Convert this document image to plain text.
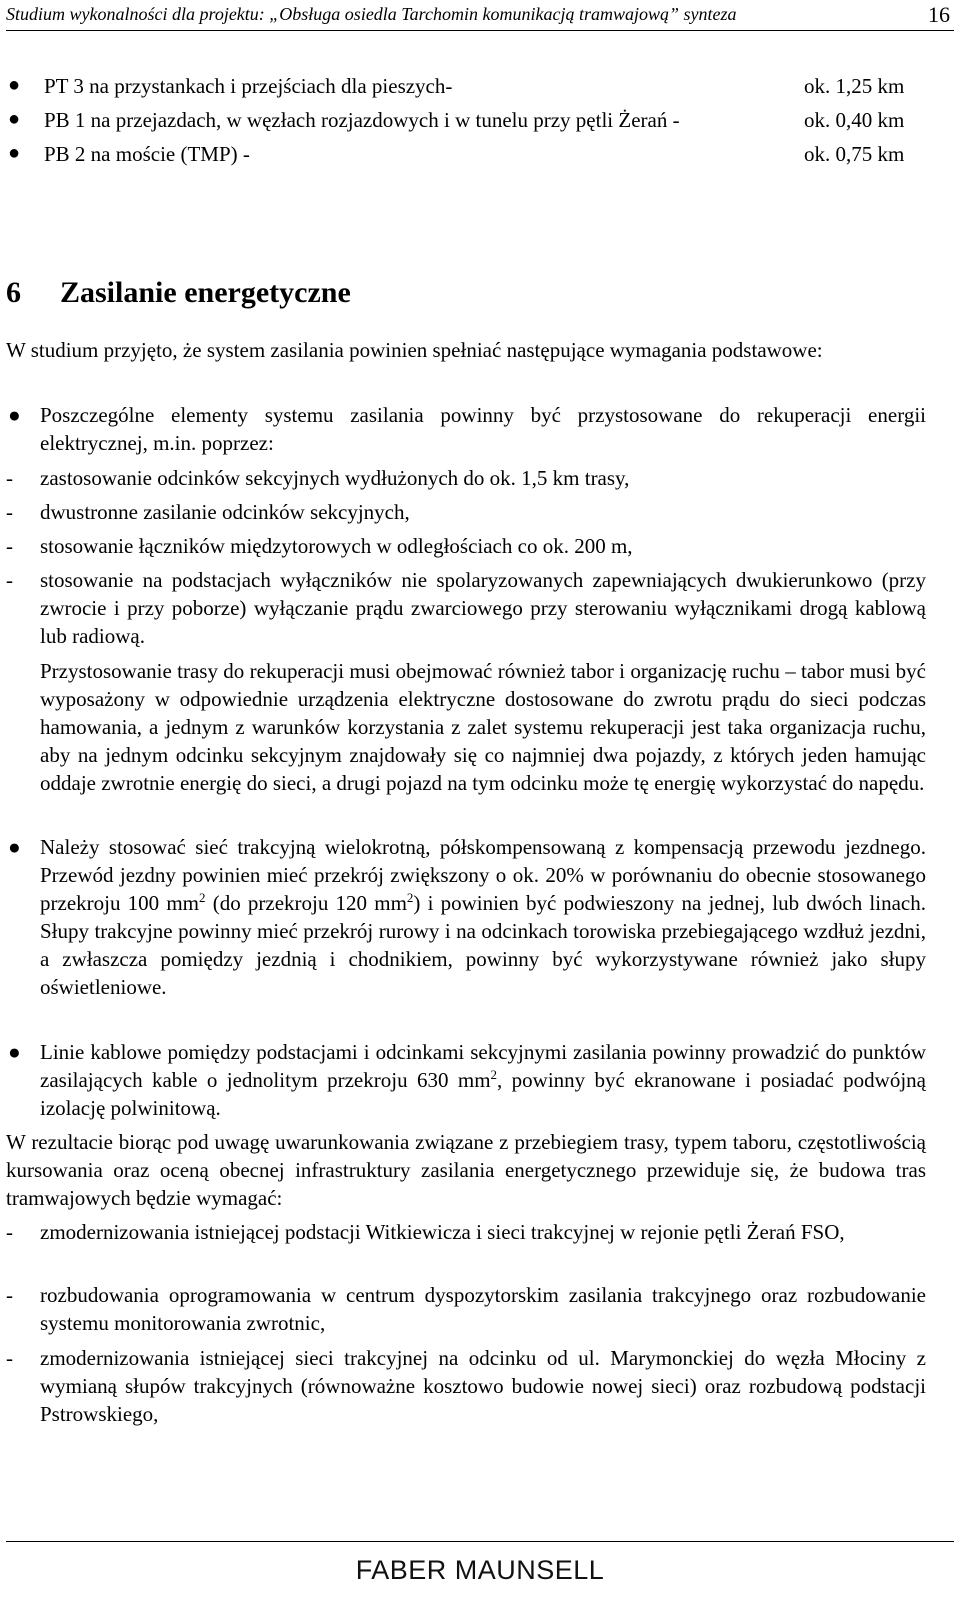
Studium wykonalności dla projektu: „Obsługa osiedla Tarchomin komunikacją tramwajową” synteza	16
● PT 3 na przystankach i przejściach dla pieszych-	ok. 1,25 km
● PB 1 na przejazdach, w węzłach rozjazdowych i w tunelu przy pętli Żerań -	ok. 0,40 km
● PB 2 na moście (TMP) -	ok. 0,75 km
6 Zasilanie energetyczne
W studium przyjęto, że system zasilania powinien spełniać następujące wymagania podstawowe:
● Poszczególne elementy systemu zasilania powinny być przystosowane do rekuperacji energii elektrycznej, m.in. poprzez:
- zastosowanie odcinków sekcyjnych wydłużonych do ok. 1,5 km trasy,
- dwustronne zasilanie odcinków sekcyjnych,
- stosowanie łączników międzytorowych w odległościach co ok. 200 m,
- stosowanie na podstacjach wyłączników nie spolaryzowanych zapewniających dwukierunkowo (przy zwrocie i przy poborze) wyłączanie prądu zwarciowego przy sterowaniu wyłącznikami drogą kablową lub radiową.
Przystosowanie trasy do rekuperacji musi obejmować również tabor i organizację ruchu – tabor musi być wyposażony w odpowiednie urządzenia elektryczne dostosowane do zwrotu prądu do sieci podczas hamowania, a jednym z warunków korzystania z zalet systemu rekuperacji jest taka organizacja ruchu, aby na jednym odcinku sekcyjnym znajdowały się co najmniej dwa pojazdy, z których jeden hamując oddaje zwrotnie energię do sieci, a drugi pojazd na tym odcinku może tę energię wykorzystać do napędu.
● Należy stosować sieć trakcyjną wielokrotną, półskompensowaną z kompensacją przewodu jezdnego. Przewód jezdny powinien mieć przekrój zwiększony o ok. 20% w porównaniu do obecnie stosowanego przekroju 100 $mm^2$ (do przekroju 120 $mm^2$) i powinien być podwieszony na jednej, lub dwóch linach. Słupy trakcyjne powinny mieć przekrój rurowy i na odcinkach torowiska przebiegającego wzdłuż jezdni, a zwłaszcza pomiędzy jezdnią i chodnikiem, powinny być wykorzystywane również jako słupy oświetleniowe.
● Linie kablowe pomiędzy podstacjami i odcinkami sekcyjnymi zasilania powinny prowadzić do punktów zasilających kable o jednolitym przekroju 630 $mm^2$, powinny być ekranowane i posiadać podwójną izolację polwinitową.
W rezultacie biorąc pod uwagę uwarunkowania związane z przebiegiem trasy, typem taboru, częstotliwością kursowania oraz oceną obecnej infrastruktury zasilania energetycznego przewiduje się, że budowa tras tramwajowych będzie wymagać:
- zmodernizowania istniejącej podstacji Witkiewicza i sieci trakcyjnej w rejonie pętli Żerań FSO,
- rozbudowania oprogramowania w centrum dyspozytorskim zasilania trakcyjnego oraz rozbudowanie systemu monitorowania zwrotnic,
- zmodernizowania istniejącej sieci trakcyjnej na odcinku od ul. Marymonckiej do węzła Młociny z wymianą słupów trakcyjnych (równoważne kosztowo budowie nowej sieci) oraz rozbudową podstacji Pstrowskiego,
FABER MAUNSELL
